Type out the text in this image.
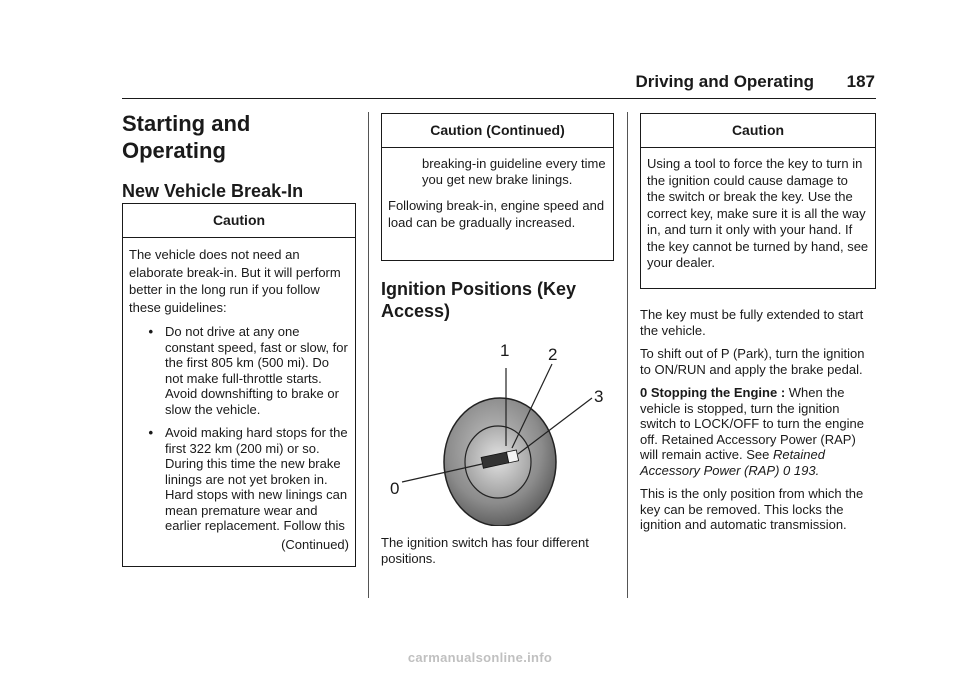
Driving and Operating 187
Starting and Operating
New Vehicle Break-In
Caution

The vehicle does not need an elaborate break-in. But it will perform better in the long run if you follow these guidelines:

• Do not drive at any one constant speed, fast or slow, for the first 805 km (500 mi). Do not make full-throttle starts. Avoid downshifting to brake or slow the vehicle.
• Avoid making hard stops for the first 322 km (200 mi) or so. During this time the new brake linings are not yet broken in. Hard stops with new linings can mean premature wear and earlier replacement. Follow this
(Continued)
Caution (Continued)

breaking-in guideline every time you get new brake linings.

Following break-in, engine speed and load can be gradually increased.

Ignition Positions (Key Access)
0
1 2
3

The ignition switch has four different positions.

Caution

Using a tool to force the key to turn in the ignition could cause damage to the switch or break the key. Use the correct key, make sure it is all the way in, and turn it only with your hand. If the key cannot be turned by hand, see your dealer.

The key must be fully extended to start the vehicle.

To shift out of P (Park), turn the ignition to ON/RUN and apply the brake pedal.

0 Stopping the Engine : When the vehicle is stopped, turn the ignition switch to LOCK/OFF to turn the engine off. Retained Accessory Power (RAP) will remain active. See Retained Accessory Power (RAP) 0 193.

This is the only position from which the key can be removed. This locks the ignition and automatic transmission.

carmanualsonline.info
